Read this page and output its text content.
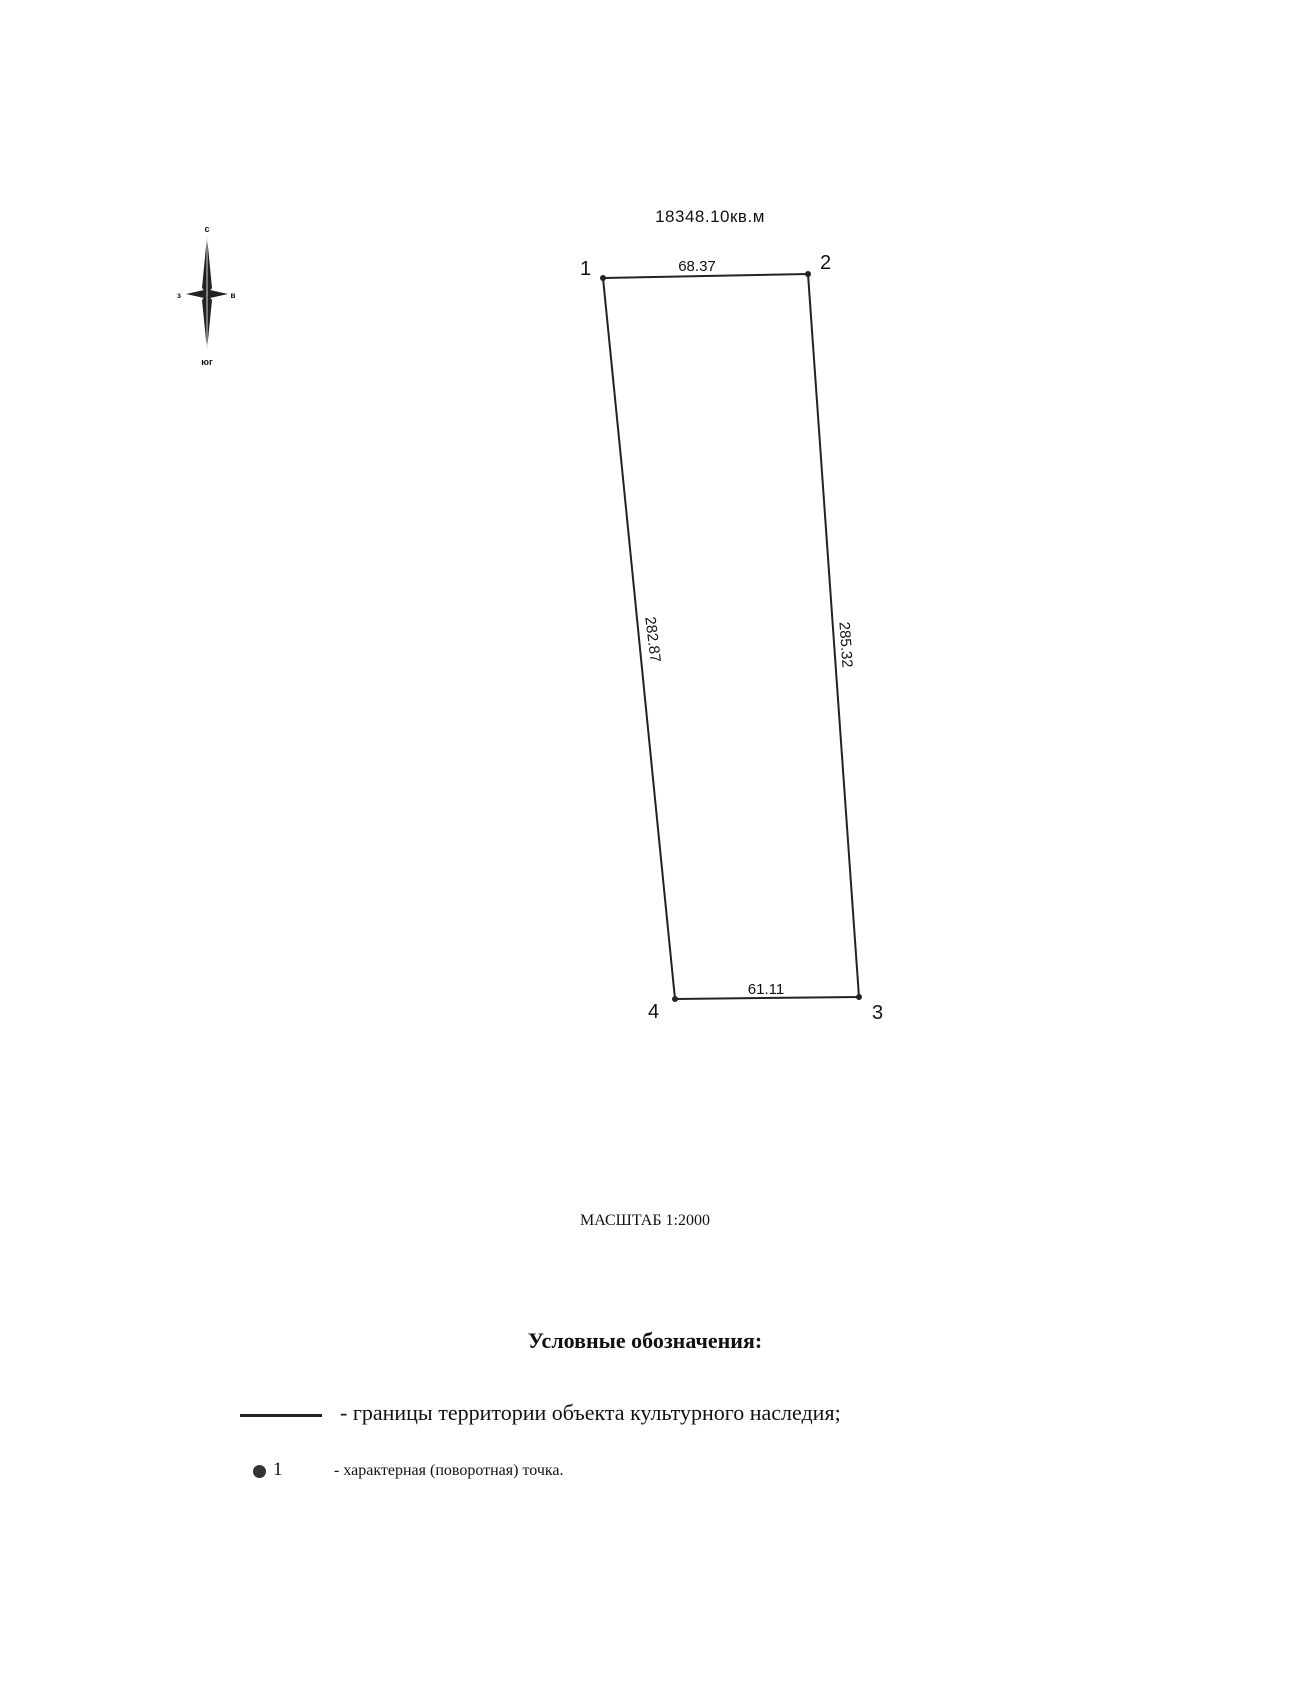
с
з	в
юг
18348.10кв.м
1	2
3
4
68.37
285.32
61.11
282.87
МАСШТАБ 1:2000
Условные обозначения:
- границы территории объекта культурного наследия;
1	- характерная (поворотная) точка.
